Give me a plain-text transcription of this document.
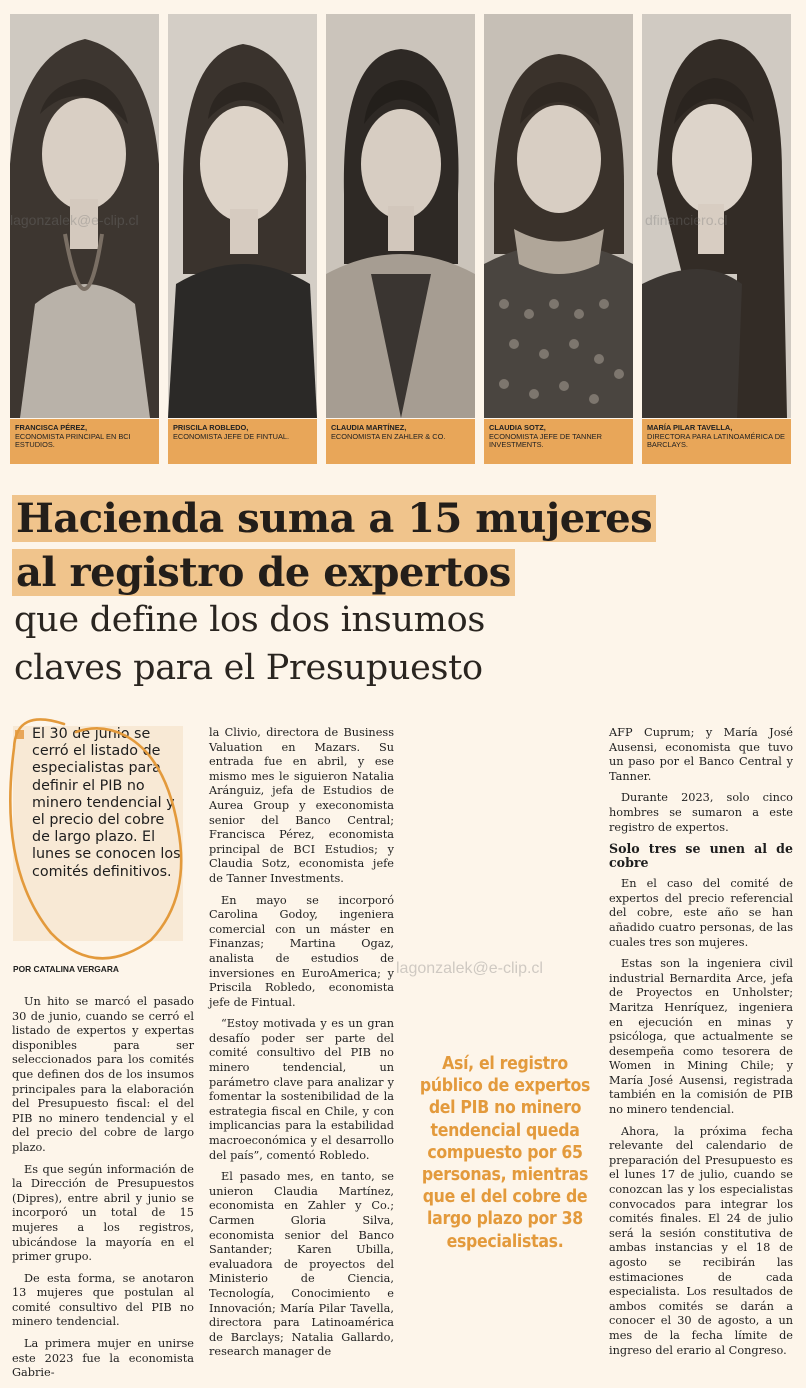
FRANCISCA PÉREZ,
ECONOMISTA PRINCIPAL EN BCI ESTUDIOS.
PRISCILA ROBLEDO,
ECONOMISTA JEFE DE FINTUAL.
CLAUDIA MARTÍNEZ,
ECONOMISTA EN ZAHLER & CO.
CLAUDIA SOTZ,
ECONOMISTA JEFE DE TANNER INVESTMENTS.
MARÍA PILAR TAVELLA,
DIRECTORA PARA LATINOAMÉRICA DE BARCLAYS.
lagonzalek@e-clip.cl	dfinanciero.cl
lagonzalek@e-clip.cl
Hacienda suma a 15 mujeres
al registro de expertos
que define los dos insumos
claves para el Presupuesto
El 30 de junio se cerró el listado de especialistas para definir el PIB no minero tendencial y el precio del cobre de largo plazo. El lunes se conocen los comités definitivos.
POR CATALINA VERGARA

Un hito se marcó el pasado 30 de junio, cuando se cerró el listado de expertos y expertas disponibles para ser seleccionados para los comités que definen dos de los insumos principales para la elaboración del Presupuesto fiscal: el del PIB no minero tendencial y el del precio del cobre de largo plazo.

Es que según información de la Dirección de Presupuestos (Dipres), entre abril y junio se incorporó un total de 15 mujeres a los registros, ubicándose la mayoría en el primer grupo.

De esta forma, se anotaron 13 mujeres que postulan al comité consultivo del PIB no minero tendencial.

La primera mujer en unirse este 2023 fue la economista Gabrie-

la Clivio, directora de Business Valuation en Mazars. Su entrada fue en abril, y ese mismo mes le siguieron Natalia Aránguiz, jefa de Estudios de Aurea Group y execonomista senior del Banco Central; Francisca Pérez, economista principal de BCI Estudios; y Claudia Sotz, economista jefe de Tanner Investments.

En mayo se incorporó Carolina Godoy, ingeniera comercial con un máster en Finanzas; Martina Ogaz, analista de estudios de inversiones en EuroAmerica; y Priscila Robledo, economista jefe de Fintual.

“Estoy motivada y es un gran desafío poder ser parte del comité consultivo del PIB no minero tendencial, un parámetro clave para analizar y fomentar la sostenibilidad de la estrategia fiscal en Chile, y con implicancias para la estabilidad macroeconómica y el desarrollo del país”, comentó Robledo.

El pasado mes, en tanto, se unieron Claudia Martínez, economista en Zahler y Co.; Carmen Gloria Silva, economista senior del Banco Santander; Karen Ubilla, evaluadora de proyectos del Ministerio de Ciencia, Tecnología, Conocimiento e Innovación; María Pilar Tavella, directora para Latinoamérica de Barclays; Natalia Gallardo, research manager de

AFP Cuprum; y María José Ausensi, economista que tuvo un paso por el Banco Central y Tanner.

Durante 2023, solo cinco hombres se sumaron a este registro de expertos.

Solo tres se unen al de cobre

En el caso del comité de expertos del precio referencial del cobre, este año se han añadido cuatro personas, de las cuales tres son mujeres.

Estas son la ingeniera civil industrial Bernardita Arce, jefa de Proyectos en Unholster; Maritza Henríquez, ingeniera en ejecución en minas y psicóloga, que actualmente se desempeña como tesorera de Women in Mining Chile; y María José Ausensi, registrada también en la comisión de PIB no minero tendencial.

Ahora, la próxima fecha relevante del calendario de preparación del Presupuesto es el lunes 17 de julio, cuando se conozcan las y los especialistas convocados para integrar los comités finales. El 24 de julio será la sesión constitutiva de ambas instancias y el 18 de agosto se recibirán las estimaciones de cada especialista. Los resultados de ambos comités se darán a conocer el 30 de agosto, a un mes de la fecha límite de ingreso del erario al Congreso.

Así, el registro público de expertos del PIB no minero tendencial queda compuesto por 65 personas, mientras que el del cobre de largo plazo por 38 especialistas.
